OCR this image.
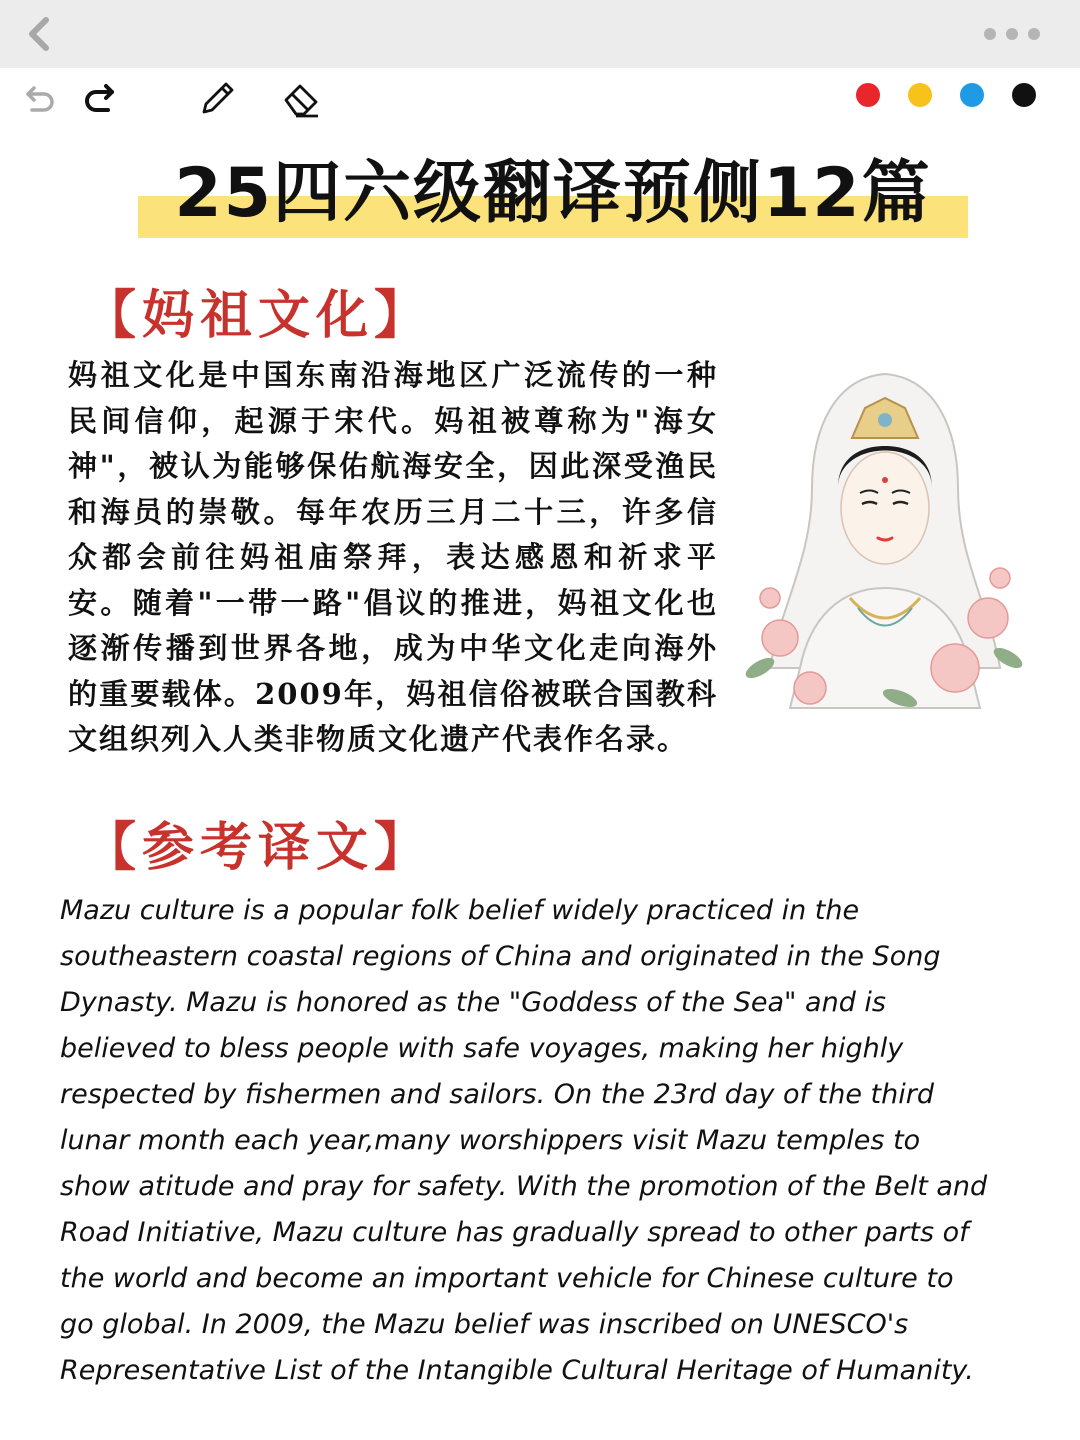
25四六级翻译预侧12篇
【妈祖文化】
妈祖文化是中国东南沿海地区广泛流传的一种民间信仰，起源于宋代。妈祖被尊称为"海女神"，被认为能够保佑航海安全，因此深受渔民和海员的崇敬。每年农历三月二十三，许多信众都会前往妈祖庙祭拜，表达感恩和祈求平安。随着"一带一路"倡议的推进，妈祖文化也逐渐传播到世界各地，成为中华文化走向海外的重要载体。2009年，妈祖信俗被联合国教科文组织列入人类非物质文化遗产代表作名录。
【参考译文】
Mazu culture is a popular folk belief widely practiced in the southeastern coastal regions of China and originated in the Song Dynasty. Mazu is honored as the "Goddess of the Sea" and is believed to bless people with safe voyages, making her highly respected by fishermen and sailors. On the 23rd day of the third lunar month each year,many worshippers visit Mazu temples to show atitude and pray for safety. With the promotion of the Belt and Road Initiative, Mazu culture has gradually spread to other parts of the world and become an important vehicle for Chinese culture to go global. In 2009, the Mazu belief was inscribed on UNESCO's Representative List of the Intangible Cultural Heritage of Humanity.
